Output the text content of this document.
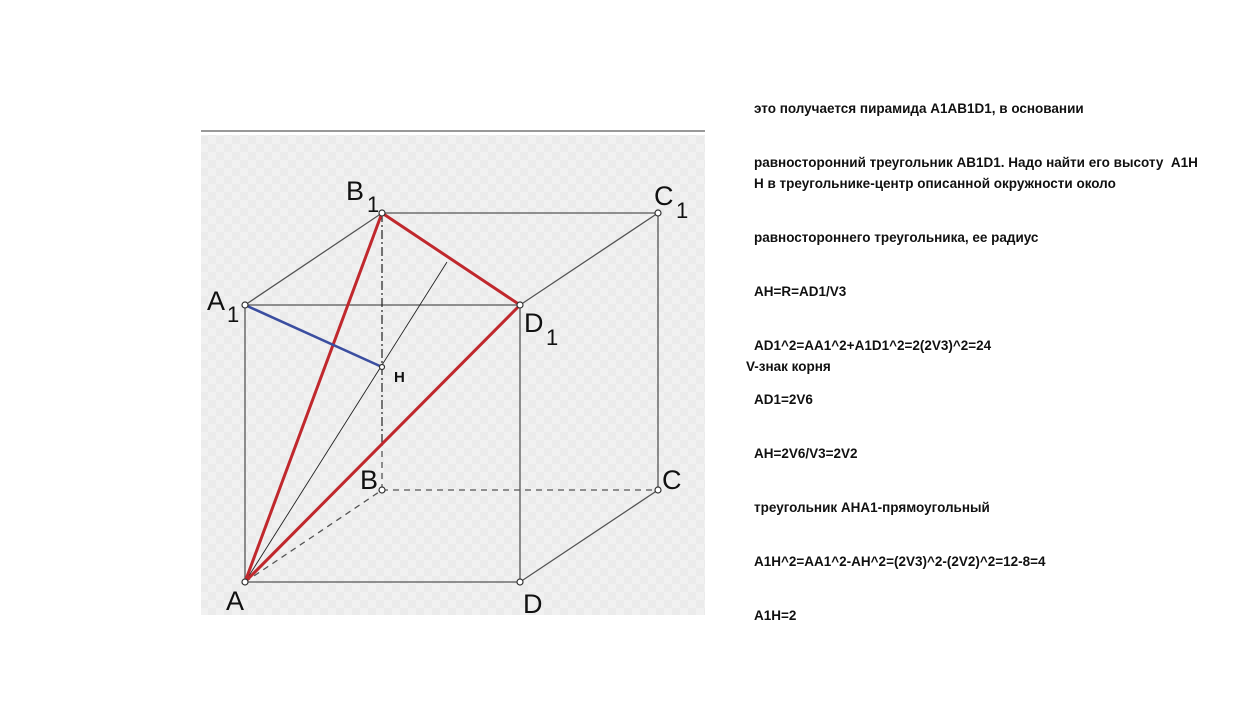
A
B	C
D
A 1
B 1	C 1
D 1
H

это получается пирамида A1AB1D1, в основании

равносторонний треугольник AB1D1. Надо найти его высоту  A1H

H в треугольнике-центр описанной окружности около

равностороннего треугольника, ее радиус

AH=R=AD1/V3

AD1^2=AA1^2+A1D1^2=2(2V3)^2=24

AD1=2V6

AH=2V6/V3=2V2

треугольник AHA1-прямоугольный

A1H^2=AA1^2-AH^2=(2V3)^2-(2V2)^2=12-8=4

A1H=2

V-знак корня
